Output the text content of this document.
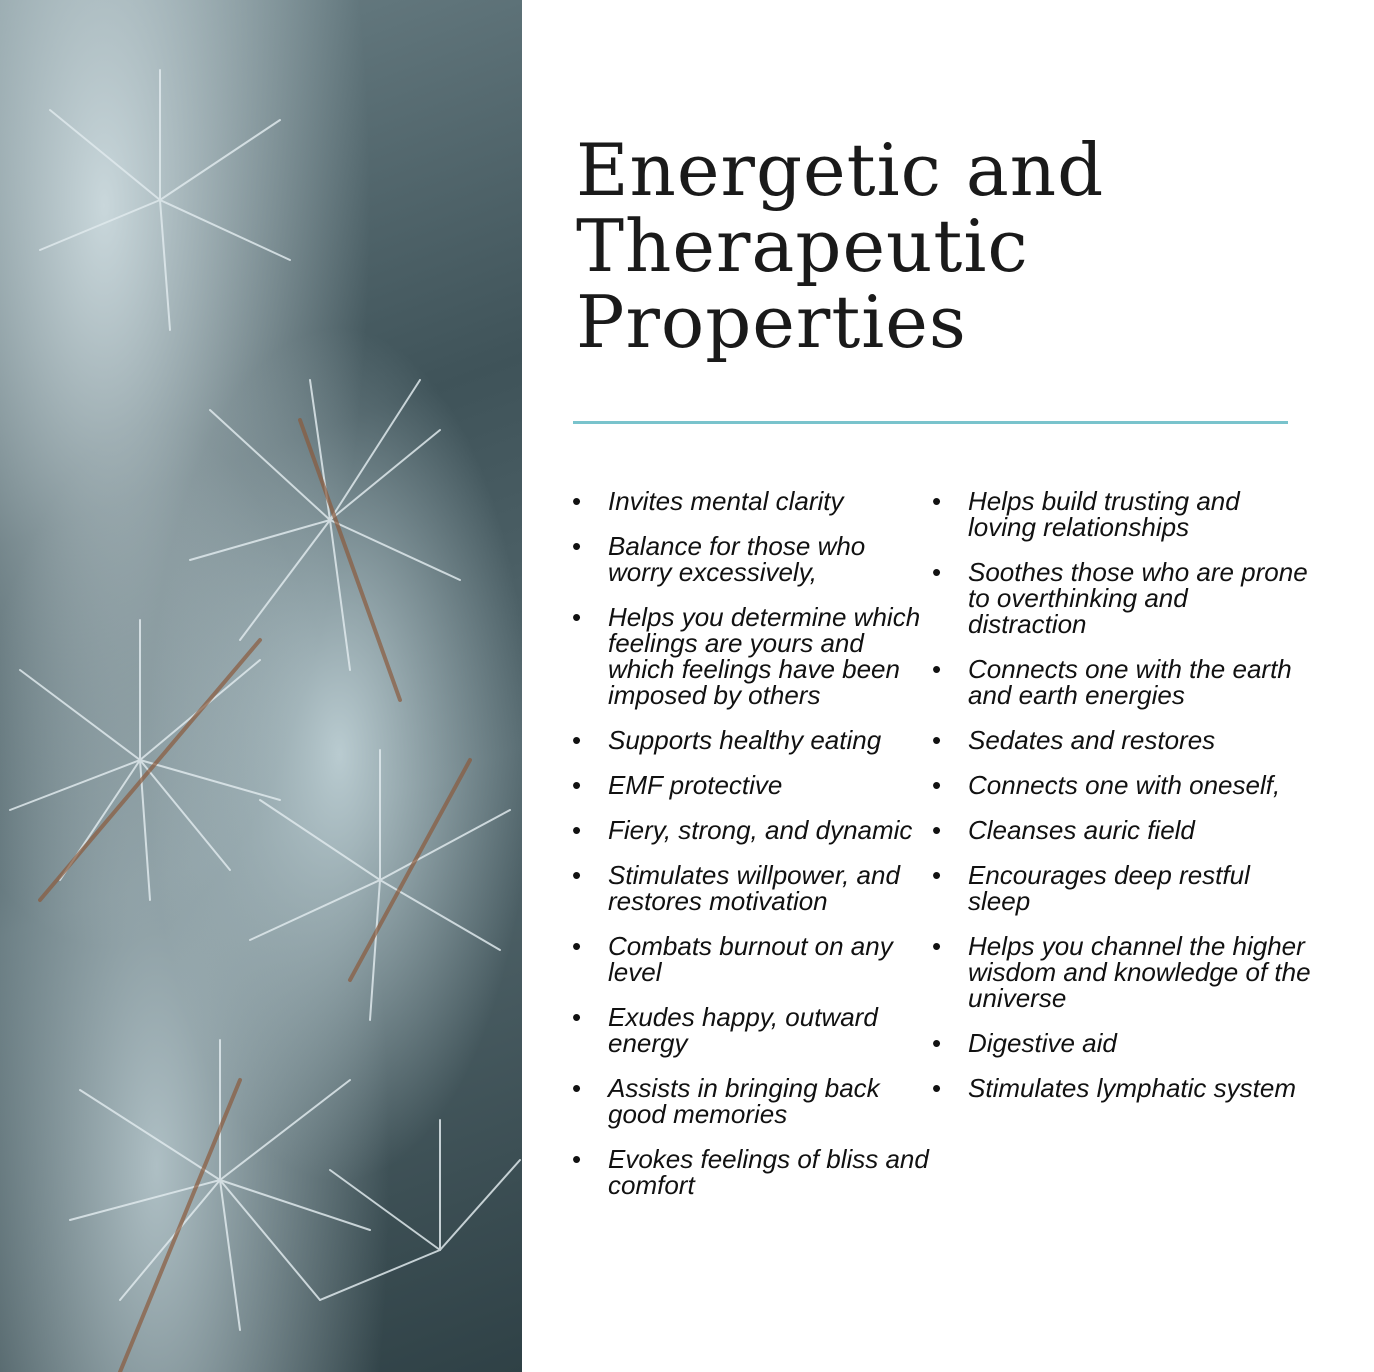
Energetic and
Therapeutic
Properties
• Invites mental clarity
• Balance for those who worry excessively,
• Helps you determine which feelings are yours and which feelings have been imposed by others
• Supports healthy eating
• EMF protective
• Fiery, strong, and dynamic
• Stimulates willpower, and restores motivation
• Combats burnout on any level
• Exudes happy, outward energy
• Assists in bringing back good memories
• Evokes feelings of bliss and comfort
• Helps build trusting and loving relationships
• Soothes those who are prone to overthinking and distraction
• Connects one with the earth and earth energies
• Sedates and restores
• Connects one with oneself,
• Cleanses auric field
• Encourages deep restful sleep
• Helps you channel the higher wisdom and knowledge of the universe
• Digestive aid
• Stimulates lymphatic system
